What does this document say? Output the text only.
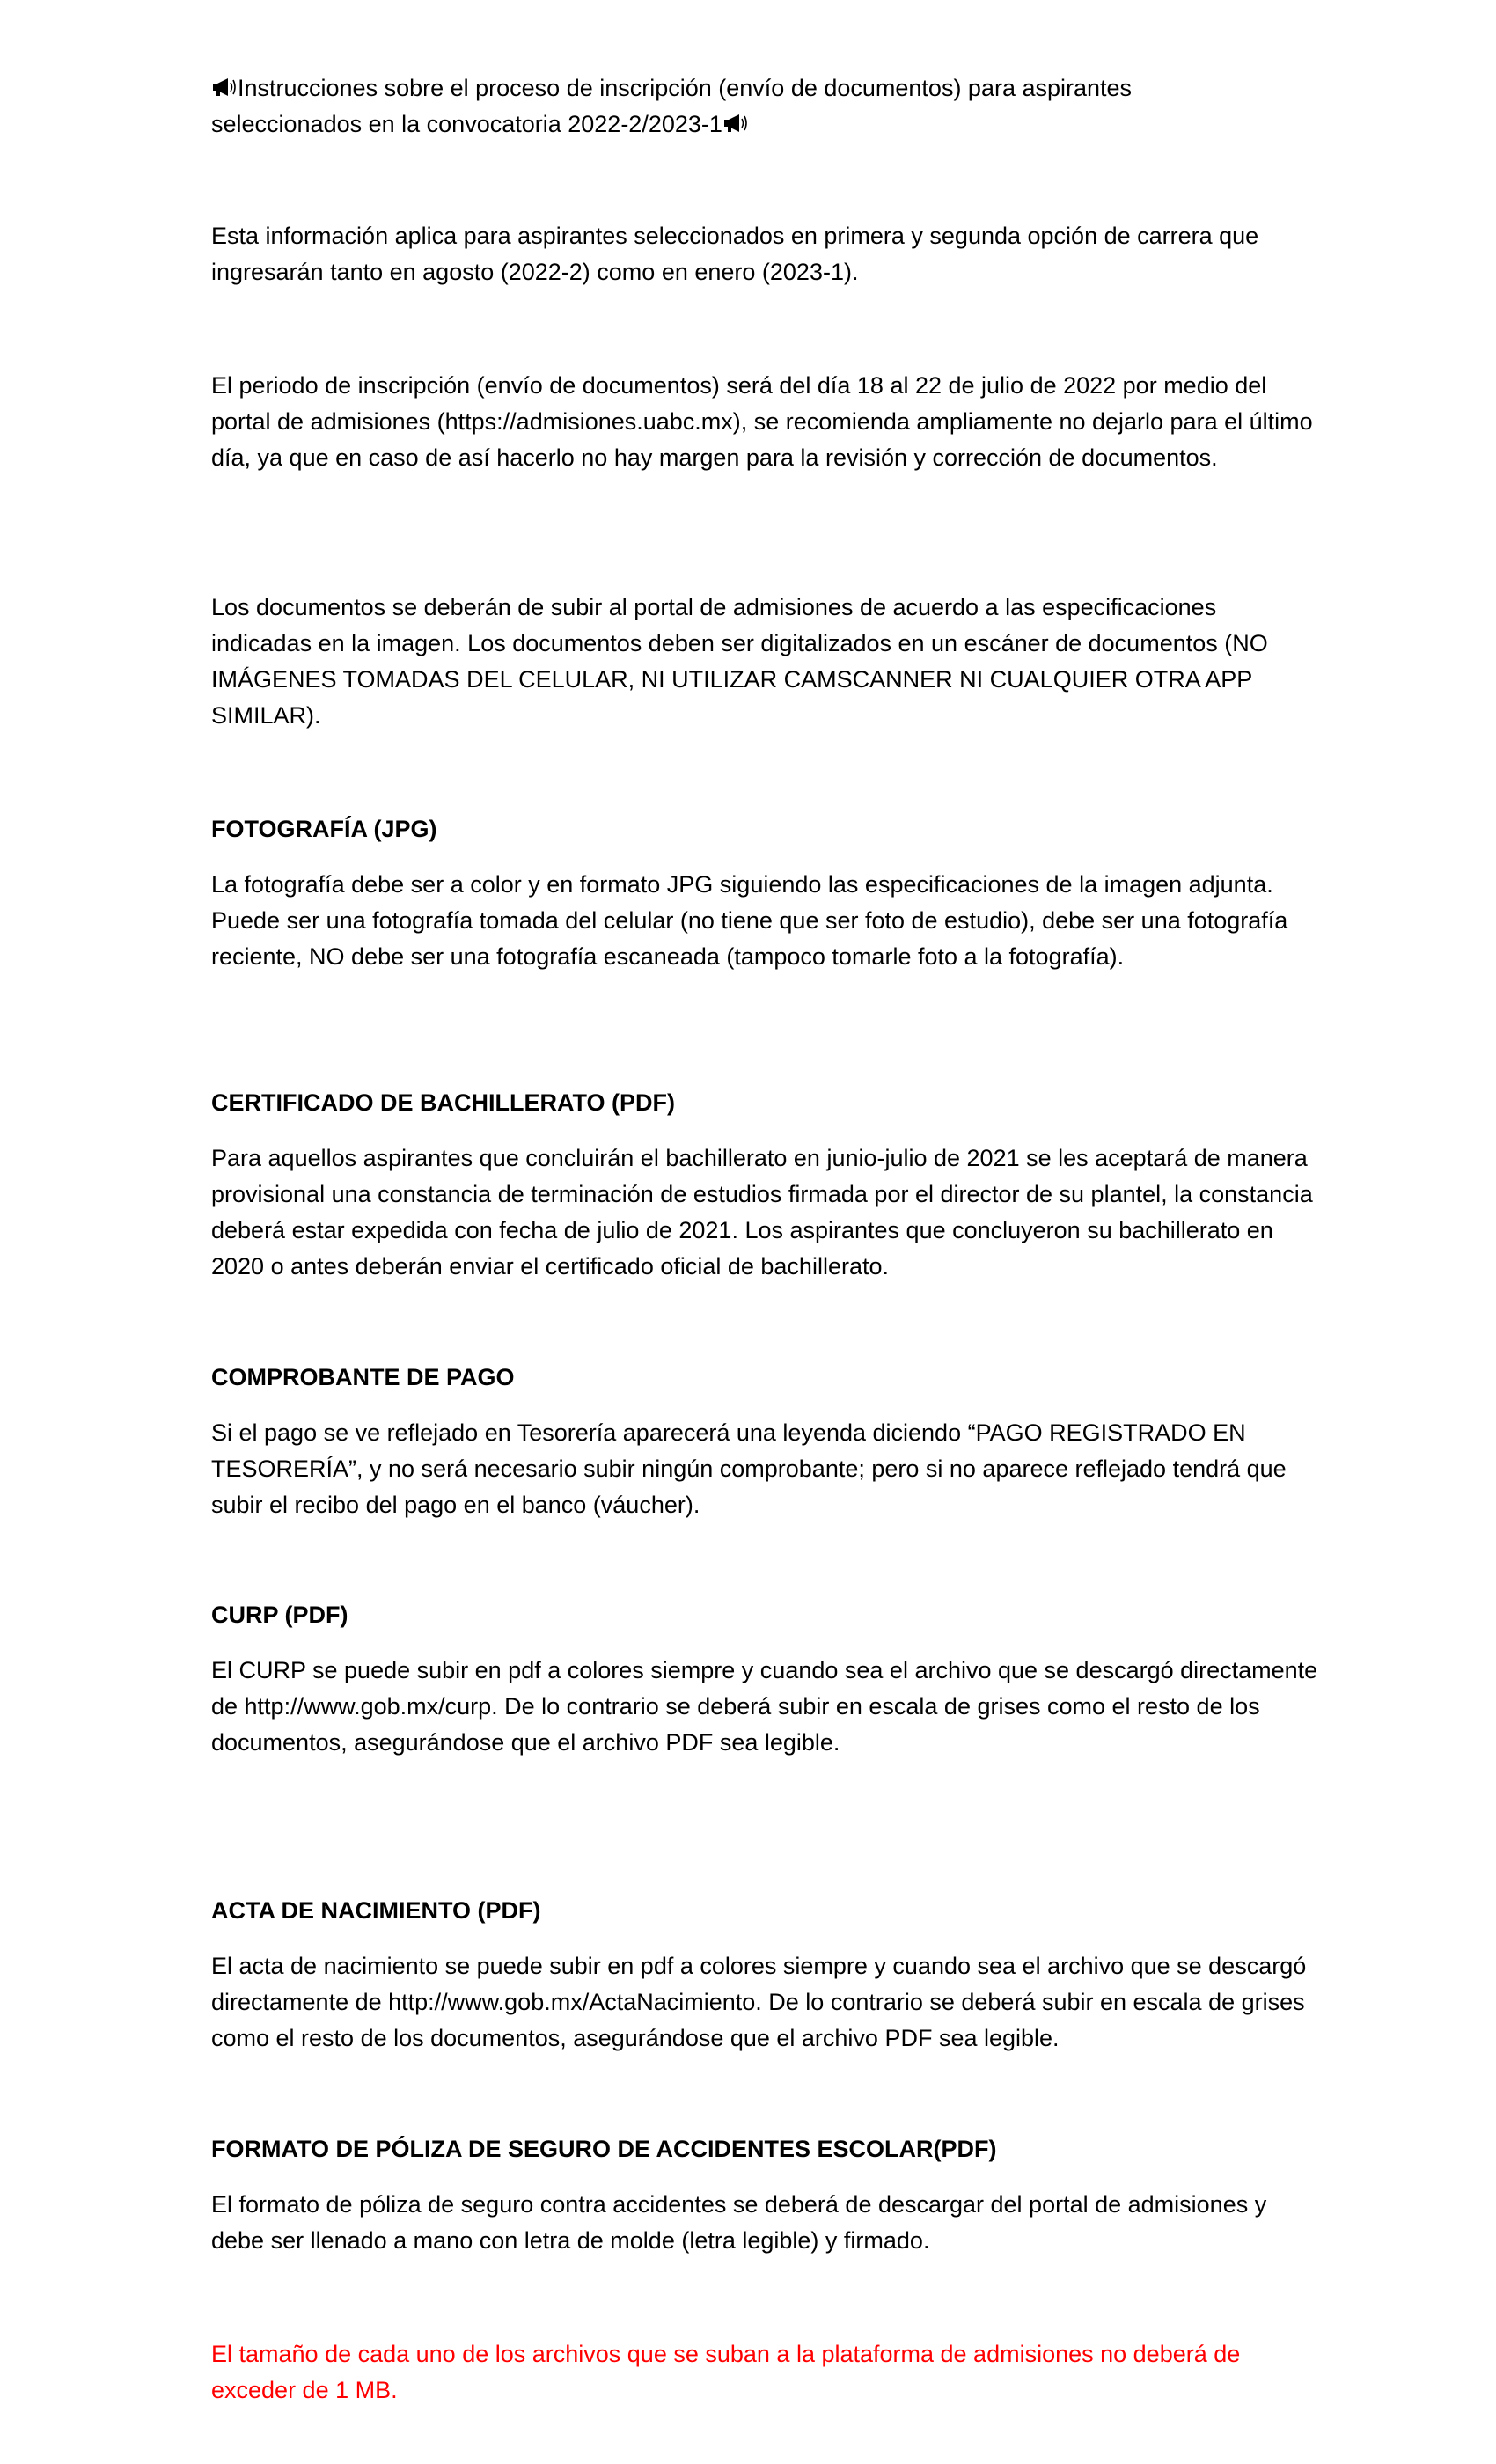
Instrucciones sobre el proceso de inscripción (envío de documentos) para aspirantes

seleccionados en la convocatoria 2022-2/2023-1

Esta información aplica para aspirantes seleccionados en primera y segunda opción de carrera que ingresarán tanto en agosto (2022-2) como en enero (2023-1).

El periodo de inscripción (envío de documentos) será del día 18 al 22 de julio de 2022 por medio del portal de admisiones (https://admisiones.uabc.mx), se recomienda ampliamente no dejarlo para el último día, ya que en caso de así hacerlo no hay margen para la revisión y corrección de documentos.

Los documentos se deberán de subir al portal de admisiones de acuerdo a las especificaciones indicadas en la imagen. Los documentos deben ser digitalizados en un escáner de documentos (NO IMÁGENES TOMADAS DEL CELULAR, NI UTILIZAR CAMSCANNER NI CUALQUIER OTRA APP SIMILAR).

FOTOGRAFÍA (JPG)

La fotografía debe ser a color y en formato JPG siguiendo las especificaciones de la imagen adjunta. Puede ser una fotografía tomada del celular (no tiene que ser foto de estudio), debe ser una fotografía reciente, NO debe ser una fotografía escaneada (tampoco tomarle foto a la fotografía).

CERTIFICADO DE BACHILLERATO (PDF)

Para aquellos aspirantes que concluirán el bachillerato en junio-julio de 2021 se les aceptará de manera provisional una constancia de terminación de estudios firmada por el director de su plantel, la constancia deberá estar expedida con fecha de julio de 2021. Los aspirantes que concluyeron su bachillerato en 2020 o antes deberán enviar el certificado oficial de bachillerato.

COMPROBANTE DE PAGO

Si el pago se ve reflejado en Tesorería aparecerá una leyenda diciendo “PAGO REGISTRADO EN TESORERÍA”, y no será necesario subir ningún comprobante; pero si no aparece reflejado tendrá que subir el recibo del pago en el banco (váucher).

CURP (PDF)

El CURP se puede subir en pdf a colores siempre y cuando sea el archivo que se descargó directamente de http://www.gob.mx/curp. De lo contrario se deberá subir en escala de grises como el resto de los documentos, asegurándose que el archivo PDF sea legible.

ACTA DE NACIMIENTO (PDF)

El acta de nacimiento se puede subir en pdf a colores siempre y cuando sea el archivo que se descargó directamente de http://www.gob.mx/ActaNacimiento. De lo contrario se deberá subir en escala de grises como el resto de los documentos, asegurándose que el archivo PDF sea legible.

FORMATO DE PÓLIZA DE SEGURO DE ACCIDENTES ESCOLAR(PDF)

El formato de póliza de seguro contra accidentes se deberá de descargar del portal de admisiones y debe ser llenado a mano con letra de molde (letra legible) y firmado.

El tamaño de cada uno de los archivos que se suban a la plataforma de admisiones no deberá de exceder de 1 MB.
